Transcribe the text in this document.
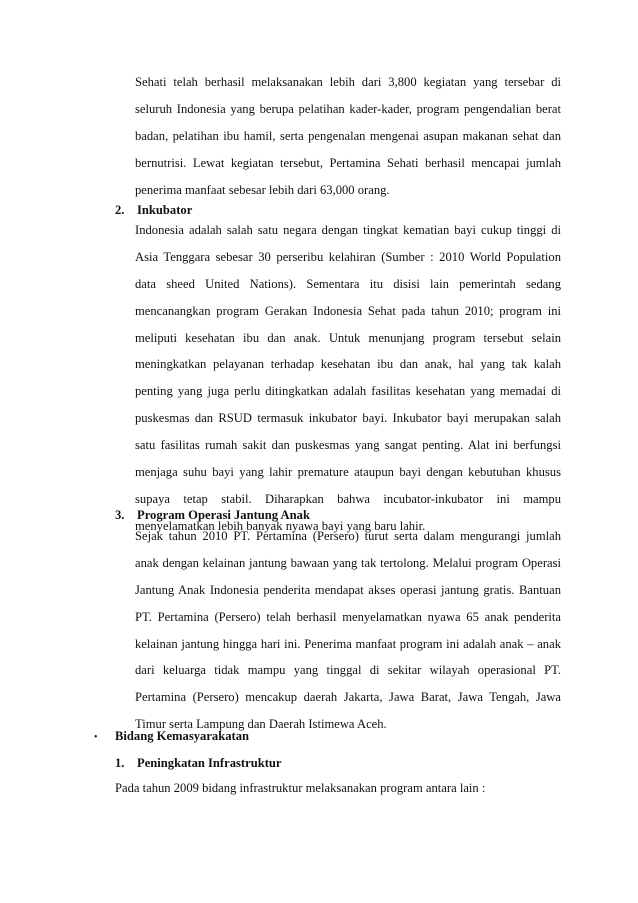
Sehati telah berhasil melaksanakan lebih dari 3,800 kegiatan yang tersebar di
seluruh Indonesia yang berupa pelatihan kader-kader, program pengendalian berat
badan, pelatihan ibu hamil, serta pengenalan mengenai asupan makanan sehat dan
bernutrisi. Lewat kegiatan tersebut, Pertamina Sehati berhasil mencapai jumlah
penerima manfaat sebesar lebih dari 63,000 orang.
2. Inkubator
Indonesia adalah salah satu negara dengan tingkat kematian bayi cukup tinggi di
Asia Tenggara sebesar 30 perseribu kelahiran (Sumber : 2010 World Population
data sheed United Nations). Sementara itu disisi lain pemerintah sedang
mencanangkan program Gerakan Indonesia Sehat pada tahun 2010; program ini
meliputi kesehatan ibu dan anak. Untuk menunjang program tersebut selain
meningkatkan pelayanan terhadap kesehatan ibu dan anak, hal yang tak kalah
penting yang juga perlu ditingkatkan adalah fasilitas kesehatan yang memadai di
puskesmas dan RSUD termasuk inkubator bayi. Inkubator bayi merupakan salah
satu fasilitas rumah sakit dan puskesmas yang sangat penting. Alat ini berfungsi
menjaga suhu bayi yang lahir premature ataupun bayi dengan kebutuhan khusus
supaya tetap stabil. Diharapkan bahwa incubator-inkubator ini mampu
menyelamatkan lebih banyak nyawa bayi yang baru lahir.
3. Program Operasi Jantung Anak
Sejak tahun 2010 PT. Pertamina (Persero) turut serta dalam mengurangi jumlah
anak dengan kelainan jantung bawaan yang tak tertolong. Melalui program Operasi
Jantung Anak Indonesia penderita mendapat akses operasi jantung gratis. Bantuan
PT. Pertamina (Persero) telah berhasil menyelamatkan nyawa 65 anak penderita
kelainan jantung hingga hari ini. Penerima manfaat program ini adalah anak – anak
dari keluarga tidak mampu yang tinggal di sekitar wilayah operasional PT.
Pertamina (Persero) mencakup daerah Jakarta, Jawa Barat, Jawa Tengah, Jawa
Timur serta Lampung dan Daerah Istimewa Aceh.
• Bidang Kemasyarakatan
1. Peningkatan Infrastruktur
Pada tahun 2009 bidang infrastruktur melaksanakan program antara lain :
